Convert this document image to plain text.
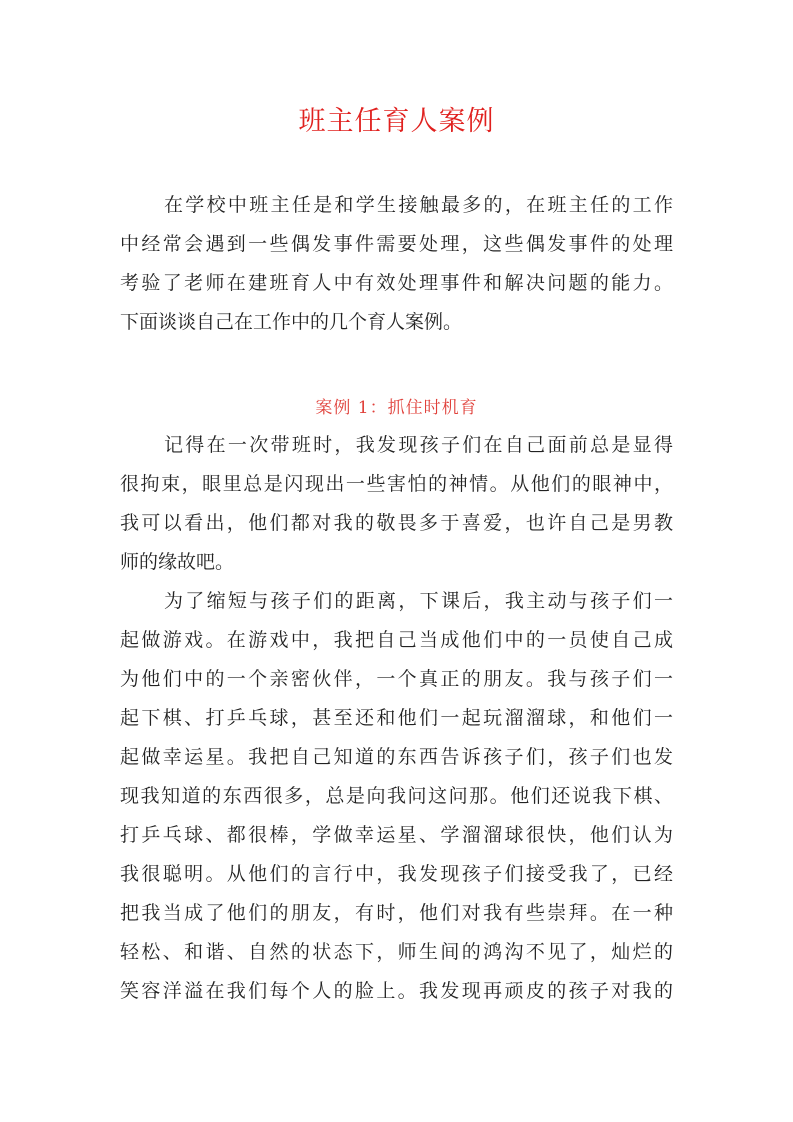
班主任育人案例
在学校中班主任是和学生接触最多的，在班主任的工作
中经常会遇到一些偶发事件需要处理，这些偶发事件的处理
考验了老师在建班育人中有效处理事件和解决问题的能力。
下面谈谈自己在工作中的几个育人案例。
案例 1：抓住时机育
记得在一次带班时，我发现孩子们在自己面前总是显得
很拘束，眼里总是闪现出一些害怕的神情。从他们的眼神中，
我可以看出，他们都对我的敬畏多于喜爱，也许自己是男教
师的缘故吧。
为了缩短与孩子们的距离，下课后，我主动与孩子们一
起做游戏。在游戏中，我把自己当成他们中的一员使自己成
为他们中的一个亲密伙伴，一个真正的朋友。我与孩子们一
起下棋、打乒乓球，甚至还和他们一起玩溜溜球，和他们一
起做幸运星。我把自己知道的东西告诉孩子们，孩子们也发
现我知道的东西很多，总是向我问这问那。他们还说我下棋、
打乒乓球、都很棒，学做幸运星、学溜溜球很快，他们认为
我很聪明。从他们的言行中，我发现孩子们接受我了，已经
把我当成了他们的朋友，有时，他们对我有些崇拜。在一种
轻松、和谐、自然的状态下，师生间的鸿沟不见了，灿烂的
笑容洋溢在我们每个人的脸上。我发现再顽皮的孩子对我的
